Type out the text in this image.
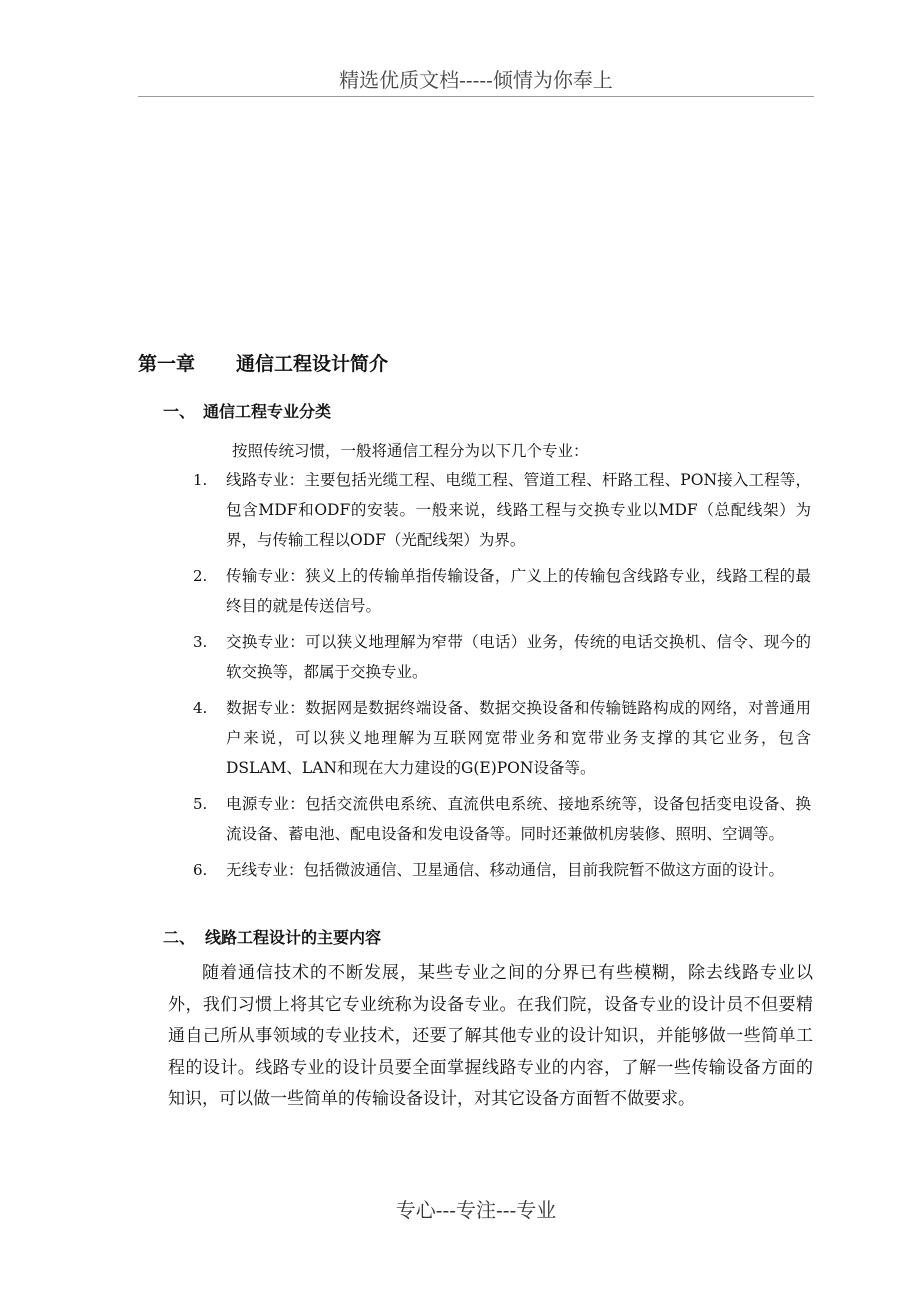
精选优质文档-----倾情为你奉上
第一章 通信工程设计简介
一、 通信工程专业分类
按照传统习惯，一般将通信工程分为以下几个专业：
1.	线路专业：主要包括光缆工程、电缆工程、管道工程、杆路工程、PON接入工程等，包含MDF和ODF的安装。一般来说，线路工程与交换专业以MDF（总配线架）为界，与传输工程以ODF（光配线架）为界。
2.	传输专业：狭义上的传输单指传输设备，广义上的传输包含线路专业，线路工程的最终目的就是传送信号。
3.	交换专业：可以狭义地理解为窄带（电话）业务，传统的电话交换机、信令、现今的软交换等，都属于交换专业。
4.	数据专业：数据网是数据终端设备、数据交换设备和传输链路构成的网络，对普通用户来说，可以狭义地理解为互联网宽带业务和宽带业务支撑的其它业务，包含DSLAM、LAN和现在大力建设的G(E)PON设备等。
5.	电源专业：包括交流供电系统、直流供电系统、接地系统等，设备包括变电设备、换流设备、蓄电池、配电设备和发电设备等。同时还兼做机房装修、照明、空调等。
6.	无线专业：包括微波通信、卫星通信、移动通信，目前我院暂不做这方面的设计。
二、 线路工程设计的主要内容

随着通信技术的不断发展，某些专业之间的分界已有些模糊，除去线路专业以外，我们习惯上将其它专业统称为设备专业。在我们院，设备专业的设计员不但要精通自己所从事领域的专业技术，还要了解其他专业的设计知识，并能够做一些简单工程的设计。线路专业的设计员要全面掌握线路专业的内容，了解一些传输设备方面的知识，可以做一些简单的传输设备设计，对其它设备方面暂不做要求。

专心---专注---专业
